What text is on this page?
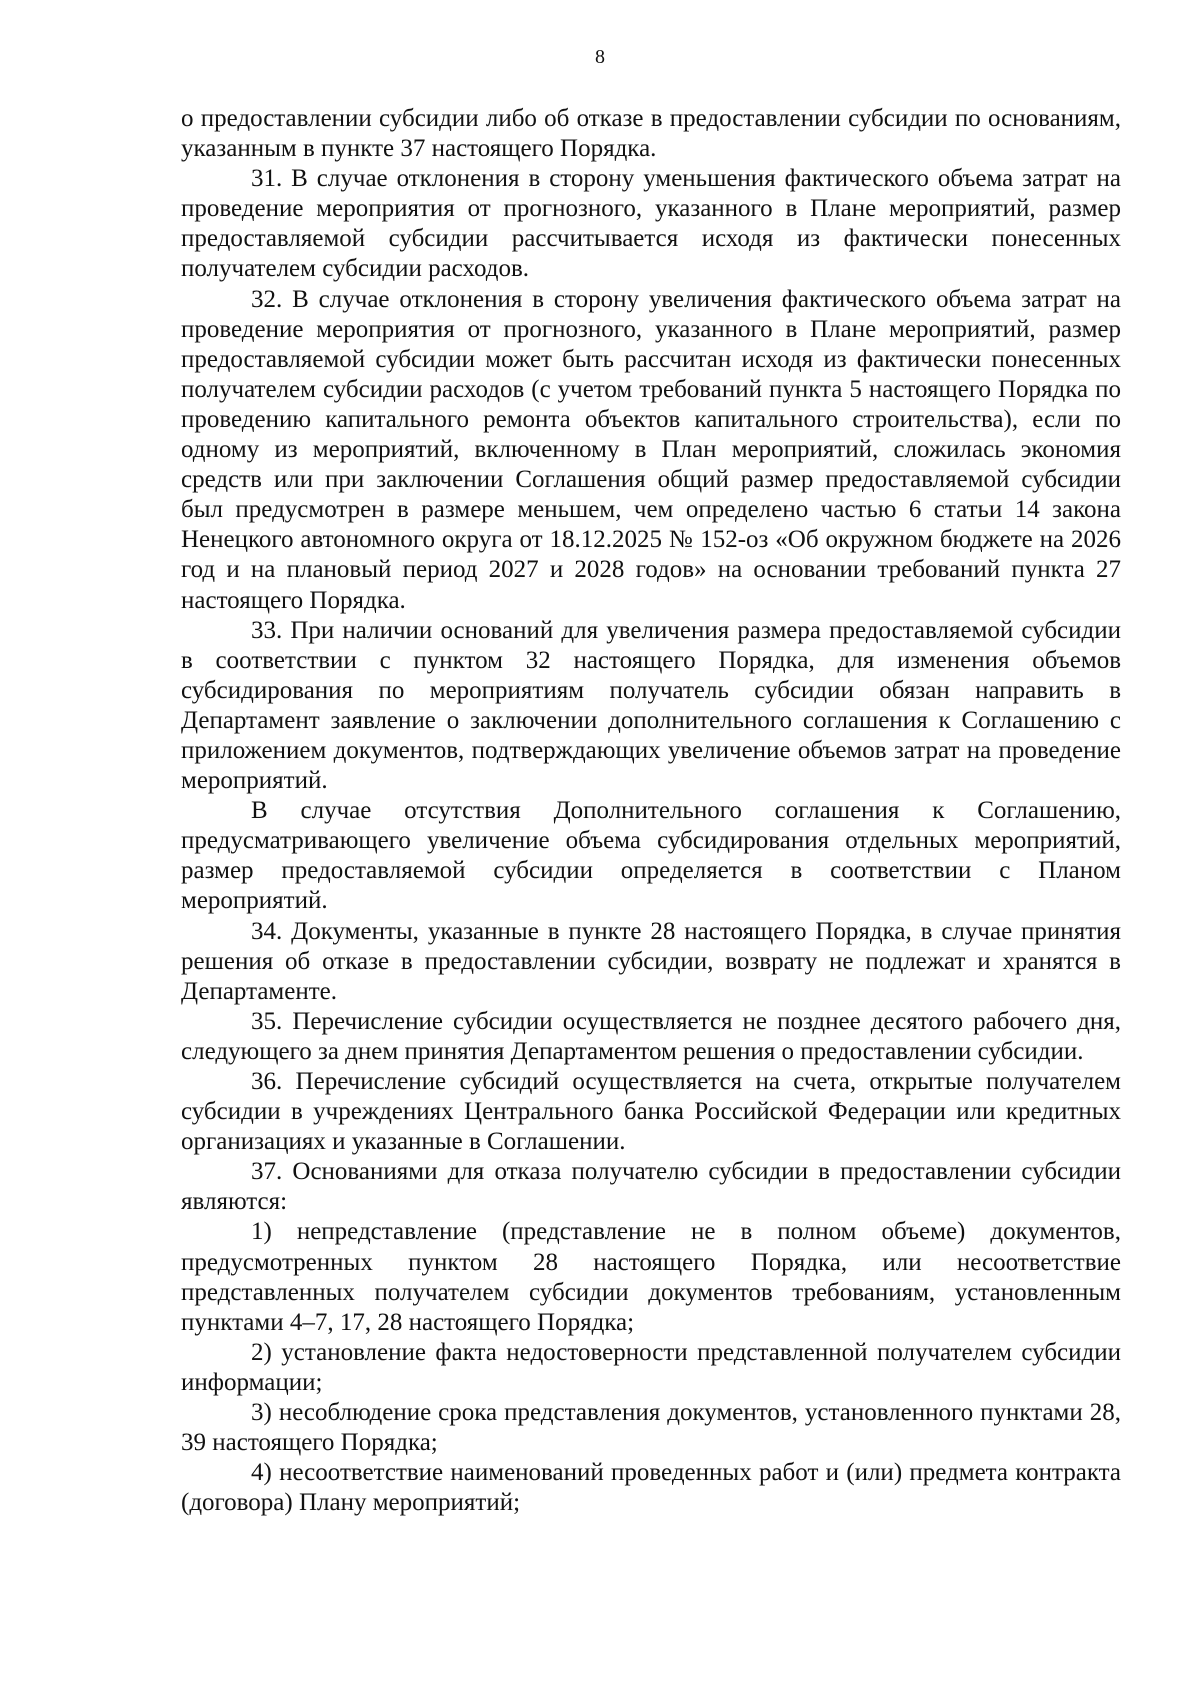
8

о предоставлении субсидии либо об отказе в предоставлении субсидии по основаниям, указанным в пункте 37 настоящего Порядка.

31. В случае отклонения в сторону уменьшения фактического объема затрат на проведение мероприятия от прогнозного, указанного в Плане мероприятий, размер предоставляемой субсидии рассчитывается исходя из фактически понесенных получателем субсидии расходов.

32. В случае отклонения в сторону увеличения фактического объема затрат на проведение мероприятия от прогнозного, указанного в Плане мероприятий, размер предоставляемой субсидии может быть рассчитан исходя из фактически понесенных получателем субсидии расходов (с учетом требований пункта 5 настоящего Порядка по проведению капитального ремонта объектов капитального строительства), если по одному из мероприятий, включенному в План мероприятий, сложилась экономия средств или при заключении Соглашения общий размер предоставляемой субсидии был предусмотрен в размере меньшем, чем определено частью 6 статьи 14 закона Ненецкого автономного округа от 18.12.2025 № 152-оз «Об окружном бюджете на 2026 год и на плановый период 2027 и 2028 годов» на основании требований пункта 27 настоящего Порядка.

33. При наличии оснований для увеличения размера предоставляемой субсидии в соответствии с пунктом 32 настоящего Порядка, для изменения объемов субсидирования по мероприятиям получатель субсидии обязан направить в Департамент заявление о заключении дополнительного соглашения к Соглашению с приложением документов, подтверждающих увеличение объемов затрат на проведение мероприятий.

В случае отсутствия Дополнительного соглашения к Соглашению, предусматривающего увеличение объема субсидирования отдельных мероприятий, размер предоставляемой субсидии определяется в соответствии с Планом мероприятий.

34. Документы, указанные в пункте 28 настоящего Порядка, в случае принятия решения об отказе в предоставлении субсидии, возврату не подлежат и хранятся в Департаменте.

35. Перечисление субсидии осуществляется не позднее десятого рабочего дня, следующего за днем принятия Департаментом решения о предоставлении субсидии.

36. Перечисление субсидий осуществляется на счета, открытые получателем субсидии в учреждениях Центрального банка Российской Федерации или кредитных организациях и указанные в Соглашении.

37. Основаниями для отказа получателю субсидии в предоставлении субсидии являются:

1) непредставление (представление не в полном объеме) документов, предусмотренных пунктом 28 настоящего Порядка, или несоответствие представленных получателем субсидии документов требованиям, установленным пунктами 4–7, 17, 28 настоящего Порядка;

2) установление факта недостоверности представленной получателем субсидии информации;

3) несоблюдение срока представления документов, установленного пунктами 28, 39 настоящего Порядка;

4) несоответствие наименований проведенных работ и (или) предмета контракта (договора) Плану мероприятий;
